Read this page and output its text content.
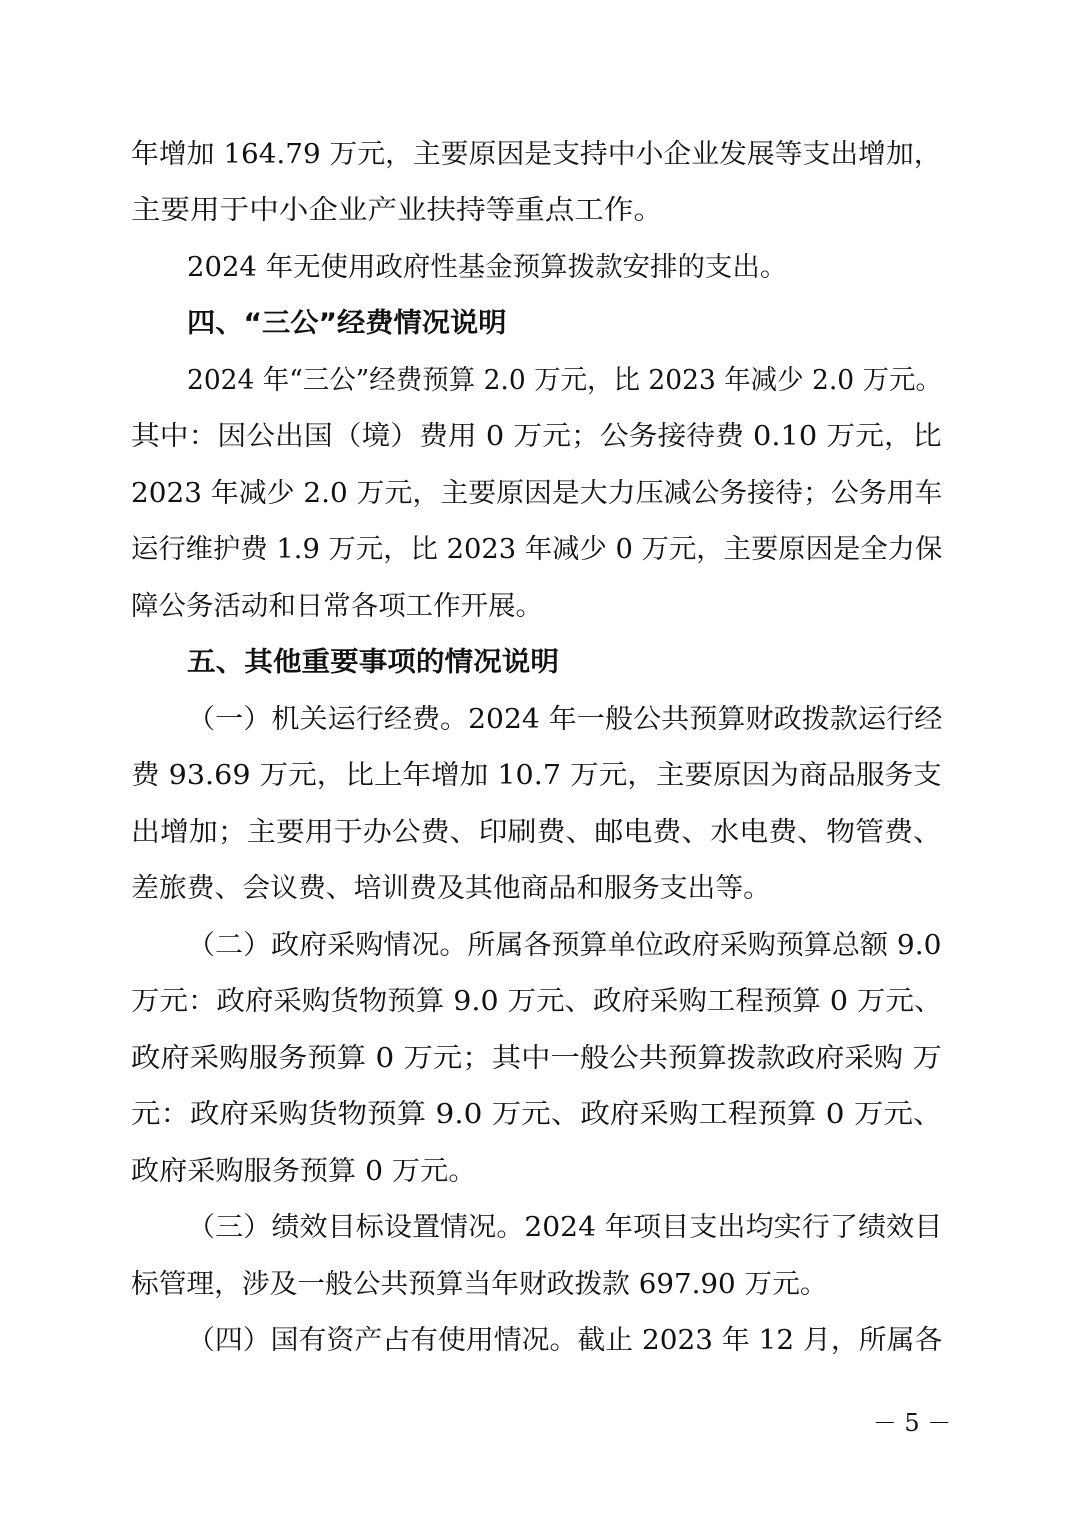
年增加 164.79 万元，主要原因是支持中小企业发展等支出增加，
主要用于中小企业产业扶持等重点工作。
2024 年无使用政府性基金预算拨款安排的支出。
四、“三公”经费情况说明
2024 年“三公”经费预算 2.0 万元，比 2023 年减少 2.0 万元。
其中：因公出国（境）费用 0 万元；公务接待费 0.10 万元，比
2023 年减少 2.0 万元，主要原因是大力压减公务接待；公务用车
运行维护费 1.9 万元，比 2023 年减少 0 万元，主要原因是全力保
障公务活动和日常各项工作开展。
五、其他重要事项的情况说明
（一）机关运行经费。2024 年一般公共预算财政拨款运行经
费 93.69 万元，比上年增加 10.7 万元，主要原因为商品服务支
出增加；主要用于办公费、印刷费、邮电费、水电费、物管费、
差旅费、会议费、培训费及其他商品和服务支出等。
（二）政府采购情况。所属各预算单位政府采购预算总额 9.0
万元：政府采购货物预算 9.0 万元、政府采购工程预算 0 万元、
政府采购服务预算 0 万元；其中一般公共预算拨款政府采购 万
元：政府采购货物预算 9.0 万元、政府采购工程预算 0 万元、
政府采购服务预算 0 万元。
（三）绩效目标设置情况。2024 年项目支出均实行了绩效目
标管理，涉及一般公共预算当年财政拨款 697.90 万元。
（四）国有资产占有使用情况。截止 2023 年 12 月，所属各
－ 5 －
